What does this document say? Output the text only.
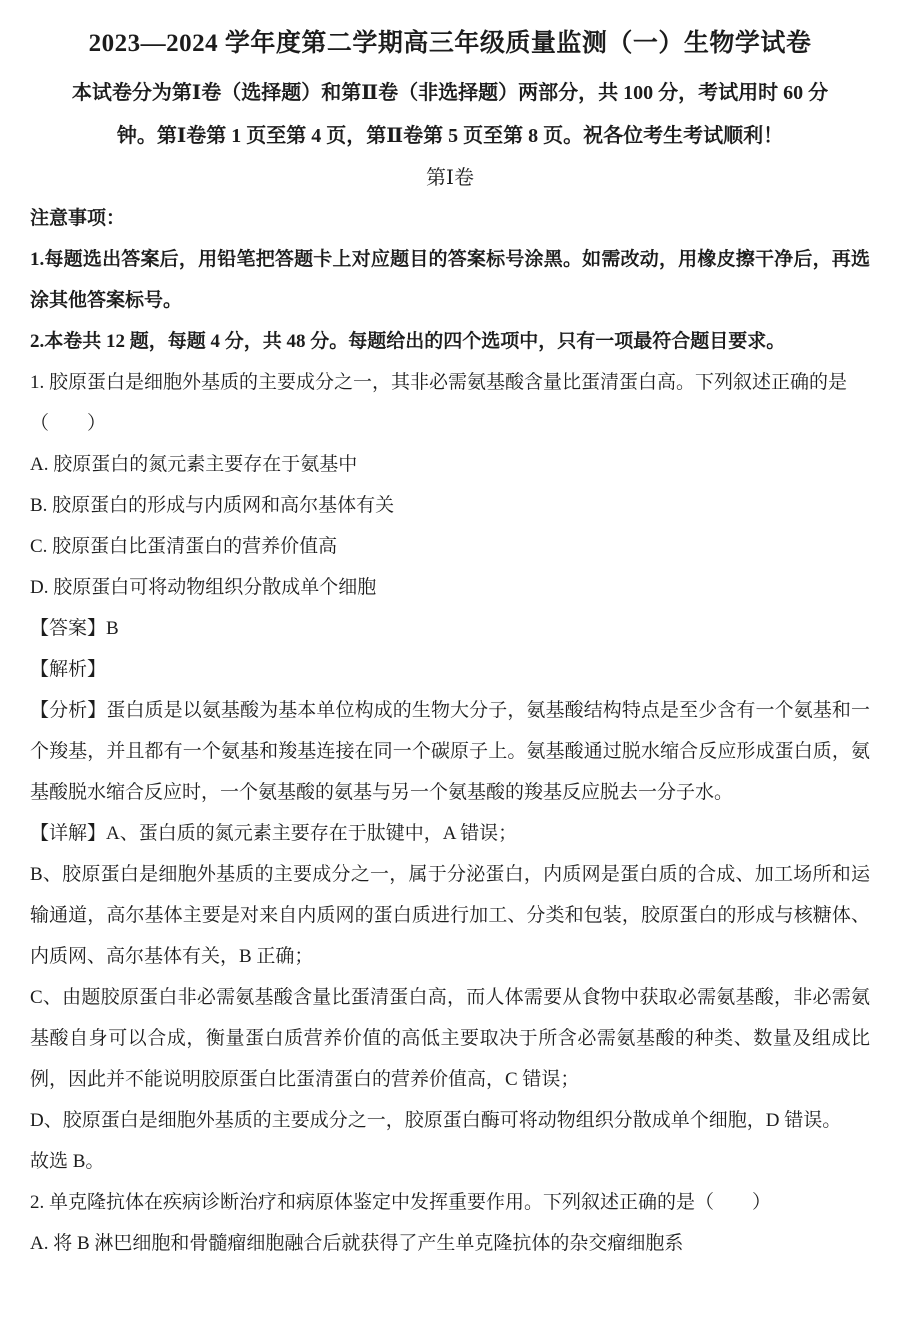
2023—2024 学年度第二学期高三年级质量监测（一）生物学试卷
本试卷分为第Ⅰ卷（选择题）和第Ⅱ卷（非选择题）两部分，共 100 分，考试用时 60 分
钟。第Ⅰ卷第 1 页至第 4 页，第Ⅱ卷第 5 页至第 8 页。祝各位考生考试顺利！
第Ⅰ卷
注意事项：

1.每题选出答案后，用铅笔把答题卡上对应题目的答案标号涂黑。如需改动，用橡皮擦干净后，再选涂其他答案标号。

2.本卷共 12 题，每题 4 分，共 48 分。每题给出的四个选项中，只有一项最符合题目要求。

1. 胶原蛋白是细胞外基质的主要成分之一，其非必需氨基酸含量比蛋清蛋白高。下列叙述正确的是

（　　）

A. 胶原蛋白的氮元素主要存在于氨基中

B. 胶原蛋白的形成与内质网和高尔基体有关

C. 胶原蛋白比蛋清蛋白的营养价值高

D. 胶原蛋白可将动物组织分散成单个细胞

【答案】B

【解析】

【分析】蛋白质是以氨基酸为基本单位构成的生物大分子，氨基酸结构特点是至少含有一个氨基和一个羧基，并且都有一个氨基和羧基连接在同一个碳原子上。氨基酸通过脱水缩合反应形成蛋白质，氨基酸脱水缩合反应时，一个氨基酸的氨基与另一个氨基酸的羧基反应脱去一分子水。

【详解】A、蛋白质的氮元素主要存在于肽键中，A 错误；

B、胶原蛋白是细胞外基质的主要成分之一，属于分泌蛋白，内质网是蛋白质的合成、加工场所和运输通道，高尔基体主要是对来自内质网的蛋白质进行加工、分类和包装，胶原蛋白的形成与核糖体、内质网、高尔基体有关，B 正确；

C、由题胶原蛋白非必需氨基酸含量比蛋清蛋白高，而人体需要从食物中获取必需氨基酸，非必需氨基酸自身可以合成，衡量蛋白质营养价值的高低主要取决于所含必需氨基酸的种类、数量及组成比例，因此并不能说明胶原蛋白比蛋清蛋白的营养价值高，C 错误；

D、胶原蛋白是细胞外基质的主要成分之一，胶原蛋白酶可将动物组织分散成单个细胞，D 错误。

故选 B。

2. 单克隆抗体在疾病诊断治疗和病原体鉴定中发挥重要作用。下列叙述正确的是（　　）

A. 将 B 淋巴细胞和骨髓瘤细胞融合后就获得了产生单克隆抗体的杂交瘤细胞系
